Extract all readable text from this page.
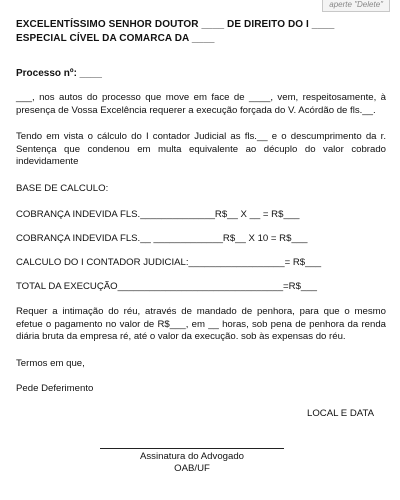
aperte "Delete"
EXCELENTÍSSIMO SENHOR DOUTOR ____ DE DIREITO DO I ____ ESPECIAL CÍVEL DA COMARCA DA ____
Processo nº: ____

___, nos autos do processo que move em face de ____, vem, respeitosamente, à presença de Vossa Excelência requerer a execução forçada do V. Acórdão de fls.__.

Tendo em vista o cálculo do I contador Judicial as fls.__ e o descumprimento da r. Sentença que condenou em multa equivalente ao décuplo do valor cobrado indevidamente

BASE DE CALCULO:

COBRANÇA INDEVIDA FLS.______________R$__ X __ = R$___
COBRANÇA INDEVIDA FLS.__ _____________R$__ X 10 = R$___
CALCULO DO I CONTADOR JUDICIAL:__________________= R$___
TOTAL DA EXECUÇÃO_______________________________=R$___

Requer a intimação do réu, através de mandado de penhora, para que o mesmo efetue o pagamento no valor de R$___, em __ horas, sob pena de penhora da renda diária bruta da empresa ré, até o valor da execução. sob às expensas do réu.

Termos em que,

Pede Deferimento

LOCAL E DATA

Assinatura do Advogado
OAB/UF
